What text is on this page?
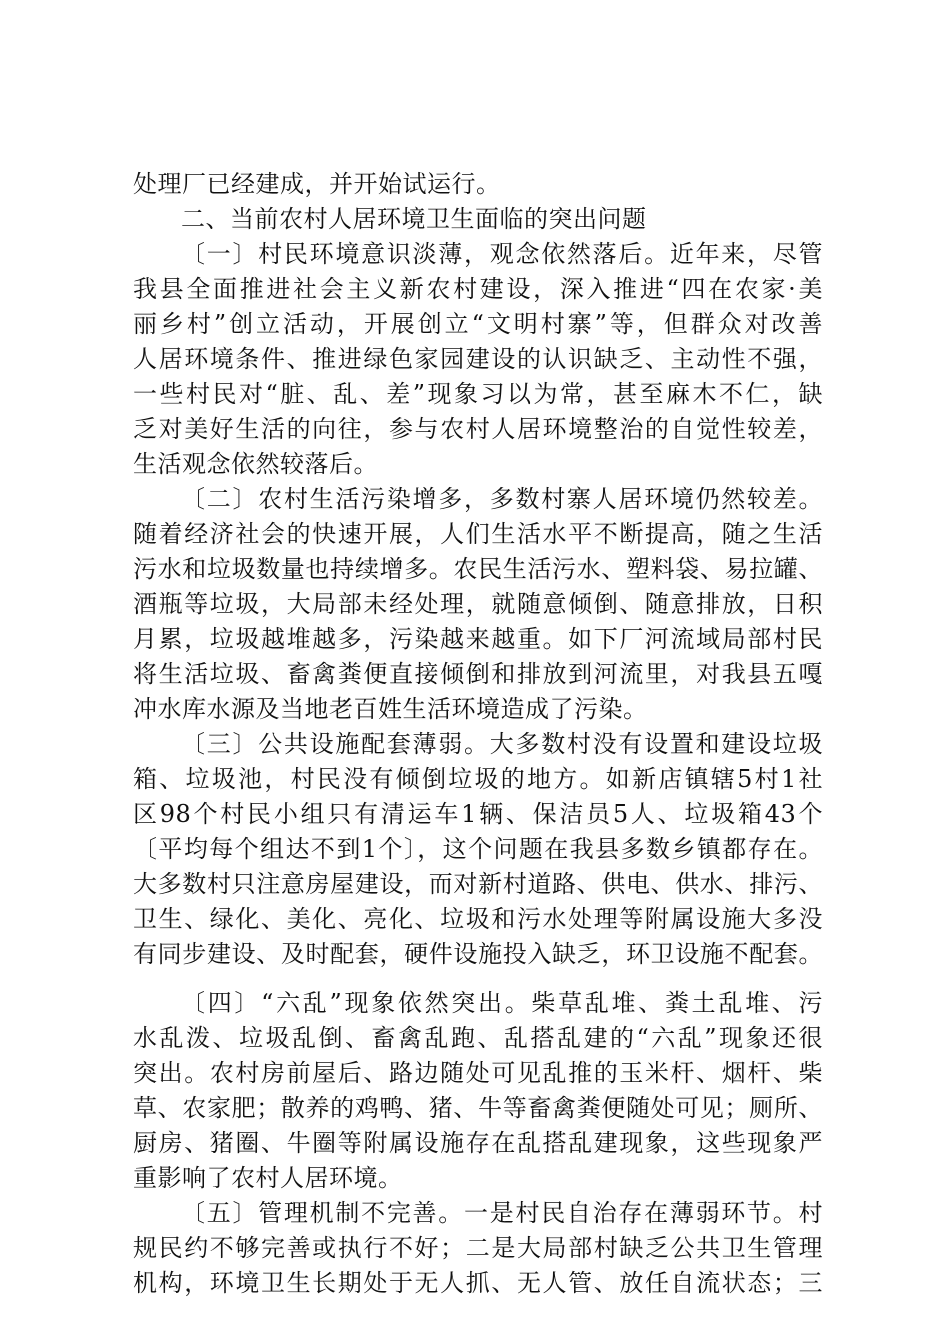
处理厂已经建成，并开始试运行。
二、当前农村人居环境卫生面临的突出问题
〔一〕村民环境意识淡薄，观念依然落后。近年来，尽管
我县全面推进社会主义新农村建设，深入推进“四在农家·美
丽乡村”创立活动，开展创立“文明村寨”等，但群众对改善
人居环境条件、推进绿色家园建设的认识缺乏、主动性不强，
一些村民对“脏、乱、差”现象习以为常，甚至麻木不仁，缺
乏对美好生活的向往，参与农村人居环境整治的自觉性较差，
生活观念依然较落后。
〔二〕农村生活污染增多，多数村寨人居环境仍然较差。
随着经济社会的快速开展，人们生活水平不断提高，随之生活
污水和垃圾数量也持续增多。农民生活污水、塑料袋、易拉罐、
酒瓶等垃圾，大局部未经处理，就随意倾倒、随意排放，日积
月累，垃圾越堆越多，污染越来越重。如下厂河流域局部村民
将生活垃圾、畜禽粪便直接倾倒和排放到河流里，对我县五嘎
冲水库水源及当地老百姓生活环境造成了污染。
〔三〕公共设施配套薄弱。大多数村没有设置和建设垃圾
箱、垃圾池，村民没有倾倒垃圾的地方。如新店镇辖5村1社
区98个村民小组只有清运车1辆、保洁员5人、垃圾箱43个
〔平均每个组达不到1个〕，这个问题在我县多数乡镇都存在。
大多数村只注意房屋建设，而对新村道路、供电、供水、排污、
卫生、绿化、美化、亮化、垃圾和污水处理等附属设施大多没
有同步建设、及时配套，硬件设施投入缺乏，环卫设施不配套。
〔四〕“六乱”现象依然突出。柴草乱堆、粪土乱堆、污
水乱泼、垃圾乱倒、畜禽乱跑、乱搭乱建的“六乱”现象还很
突出。农村房前屋后、路边随处可见乱推的玉米杆、烟杆、柴
草、农家肥；散养的鸡鸭、猪、牛等畜禽粪便随处可见；厕所、
厨房、猪圈、牛圈等附属设施存在乱搭乱建现象，这些现象严
重影响了农村人居环境。
〔五〕管理机制不完善。一是村民自治存在薄弱环节。村
规民约不够完善或执行不好；二是大局部村缺乏公共卫生管理
机构，环境卫生长期处于无人抓、无人管、放任自流状态；三
